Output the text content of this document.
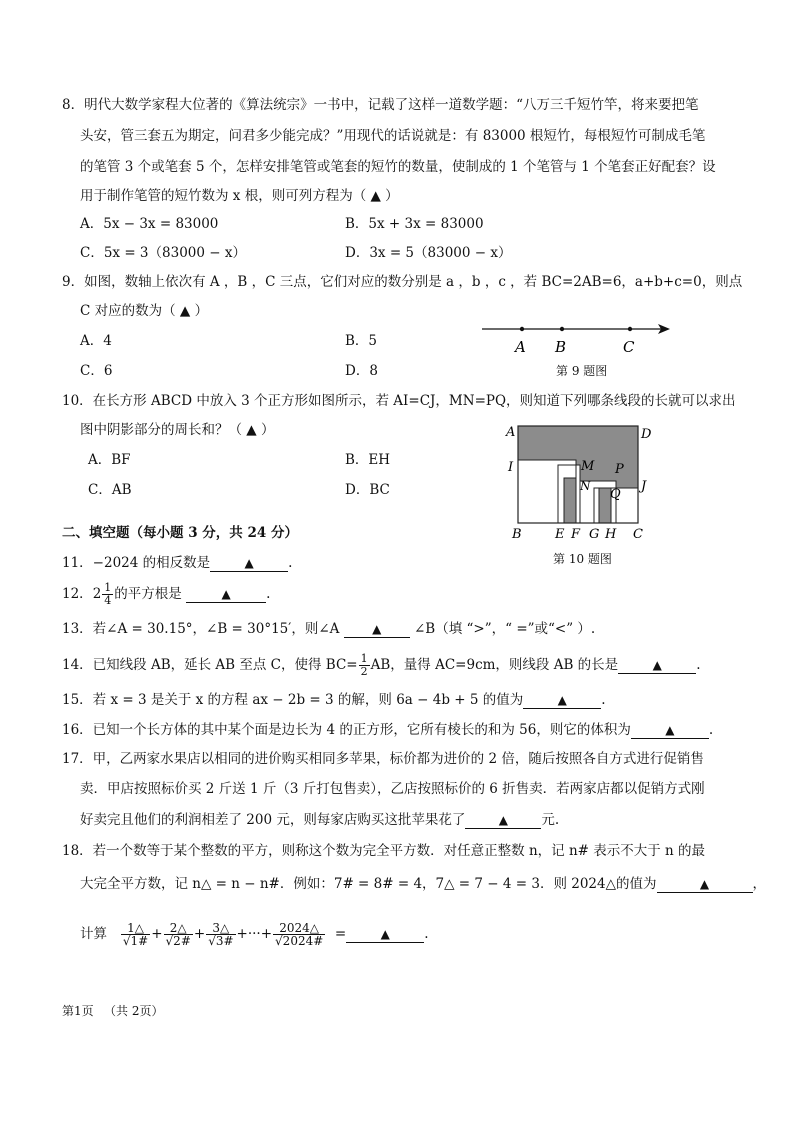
8．明代大数学家程大位著的《算法统宗》一书中，记载了这样一道数学题：“八万三千短竹竿，将来要把笔
头安，管三套五为期定，问君多少能完成？”用现代的话说就是：有 83000 根短竹，每根短竹可制成毛笔
的笔管 3 个或笔套 5 个，怎样安排笔管或笔套的短竹的数量，使制成的 1 个笔管与 1 个笔套正好配套？设
用于制作笔管的短竹数为 x 根，则可列方程为（ ▲ ）
A．5x − 3x = 83000	B．5x + 3x = 83000
C．5x = 3（83000 − x）	D．3x = 5（83000 − x）
9．如图，数轴上依次有 A ，B ，C 三点，它们对应的数分别是 a ，b ，c ，若 BC=2AB=6，a+b+c=0，则点
C 对应的数为（ ▲ ）
A．4	B．5
C．6	D．8
A B	C
第 9 题图
10．在长方形 ABCD 中放入 3 个正方形如图所示，若 AI=CJ，MN=PQ，则知道下列哪条线段的长就可以求出
图中阴影部分的周长和？（ ▲ ）
A．BF	B．EH
C．AB	D．BC
A	D
I	M P
N
Q
J
B	E F G H C
第 10 题图
二、填空题（每小题 3 分，共 24 分）
11．−2024 的相反数是	▲	.
12．$2 \frac{1}{4}$ 的平方根是	▲	.
13．若∠A = 30.15°，∠B = 30°15′，则∠A	▲ ∠B（填 “>”，“ =”或“<” ）.
14．已知线段 AB，延长 AB 至点 C，使得 $BC= \frac{1}{2}$ AB，量得 AC=9cm，则线段 AB 的长是	▲	.
15．若 x = 3 是关于 x 的方程 ax − 2b = 3 的解，则 6a − 4b + 5 的值为	▲	.
16．已知一个长方体的其中某个面是边长为 4 的正方形，它所有棱长的和为 56，则它的体积为	▲	.
17．甲，乙两家水果店以相同的进价购买相同多苹果，标价都为进价的 2 倍，随后按照各自方式进行促销售
卖．甲店按照标价买 2 斤送 1 斤（3 斤打包售卖），乙店按照标价的 6 折售卖．若两家店都以促销方式刚
好卖完且他们的利润相差了 200 元，则每家店购买这批苹果花了	▲ 元.
18．若一个数等于某个整数的平方，则称这个数为完全平方数．对任意正整数 n，记 n# 表示不大于 n 的最
大完全平方数，记 n△ = n − n#．例如：7# = 8# = 4，7△ = 7 − 4 = 3．则 2024△的值为	▲	，
计算 $\frac{1\triangle}{√1\#} + \frac{2\triangle}{√2\#} + \frac{3\triangle}{√3\#}$ +···+ $\frac{2024\triangle}{√2024\#}$ =	▲	.
第1页 （共 2页）
